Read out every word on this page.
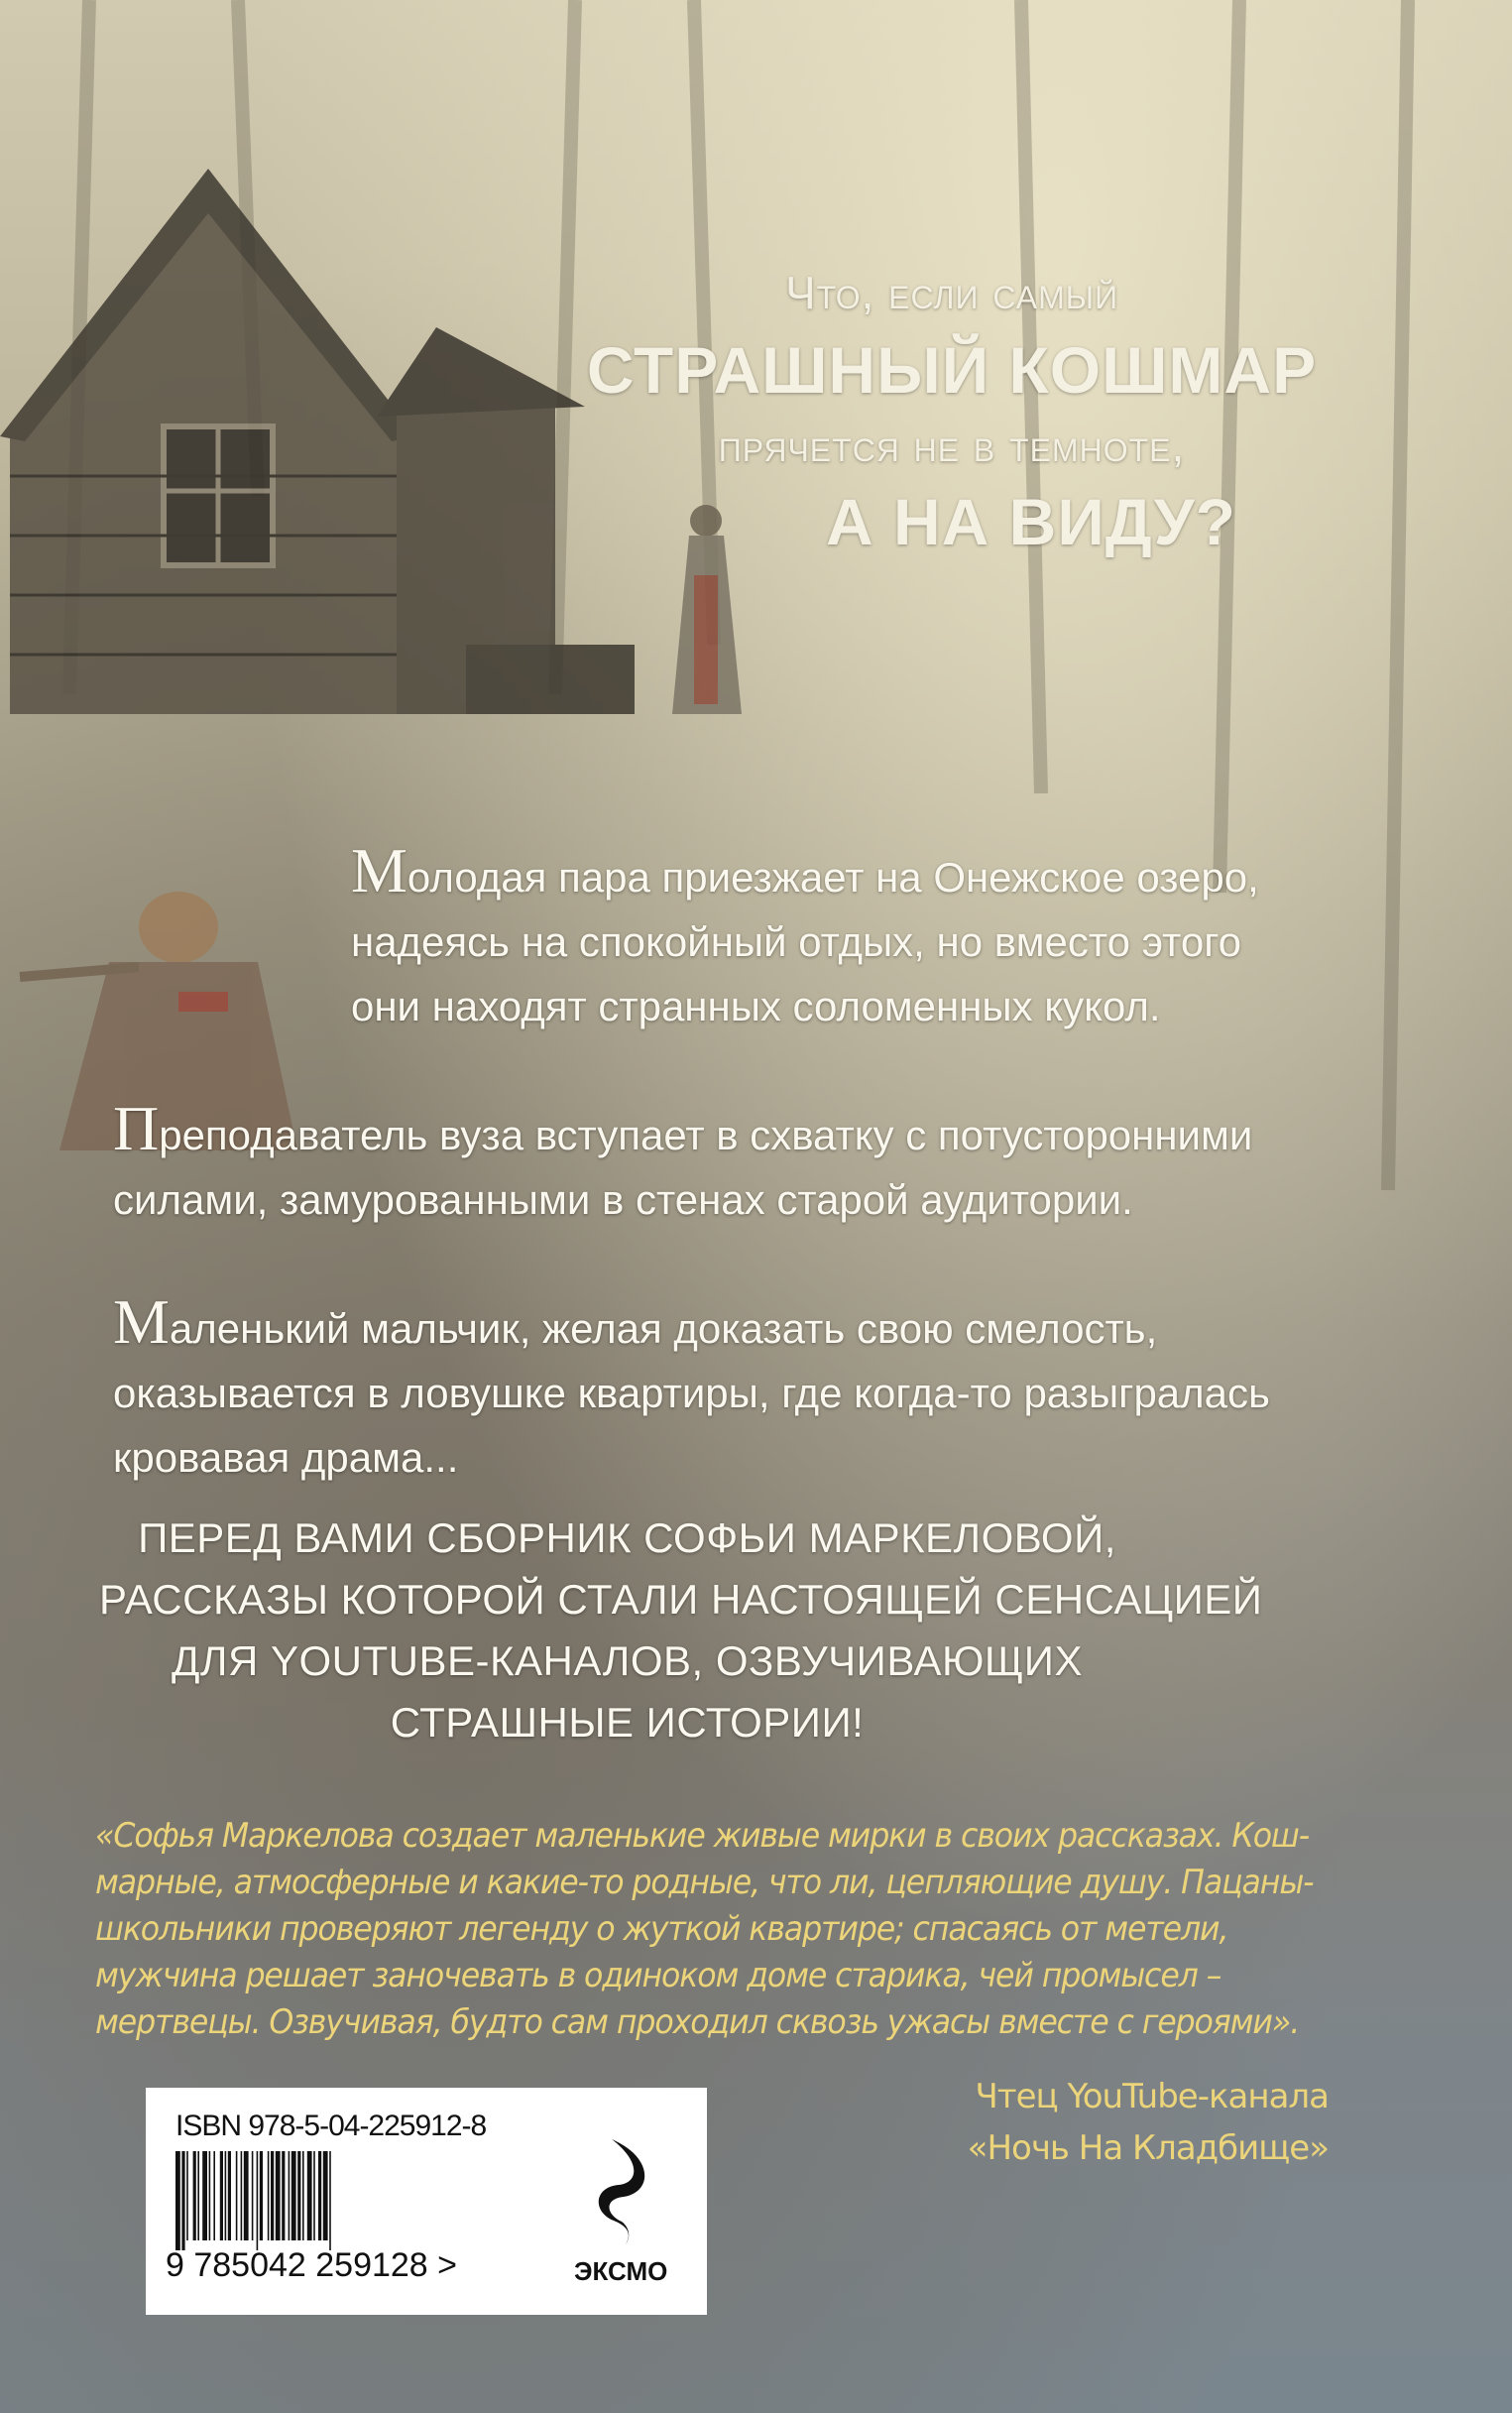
Что, если самый
СТРАШНЫЙ КОШМАР
прячется не в темноте,
А НА ВИДУ?
Молодая пара приезжает на Онежское озеро,
надеясь на спокойный отдых, но вместо этого
они находят странных соломенных кукол.
Преподаватель вуза вступает в схватку с потусторонними
силами, замурованными в стенах старой аудитории.
Маленький мальчик, желая доказать свою смелость,
оказывается в ловушке квартиры, где когда-то разыгралась
кровавая драма...
ПЕРЕД ВАМИ СБОРНИК СОФЬИ МАРКЕЛОВОЙ,
РАССКАЗЫ КОТОРОЙ СТАЛИ НАСТОЯЩЕЙ СЕНСАЦИЕЙ
ДЛЯ YOUTUBE-КАНАЛОВ, ОЗВУЧИВАЮЩИХ
СТРАШНЫЕ ИСТОРИИ!
«Софья Маркелова создает маленькие живые мирки в своих рассказах. Кош-
марные, атмосферные и какие-то родные, что ли, цепляющие душу. Пацаны-
школьники проверяют легенду о жуткой квартире; спасаясь от метели,
мужчина решает заночевать в одиноком доме старика, чей промысел –
мертвецы. Озвучивая, будто сам проходил сквозь ужасы вместе с героями».
Чтец YouTube-канала
«Ночь На Кладбище»
ISBN 978-5-04-225912-8
9 785042 259128 >	ЭКСМО
